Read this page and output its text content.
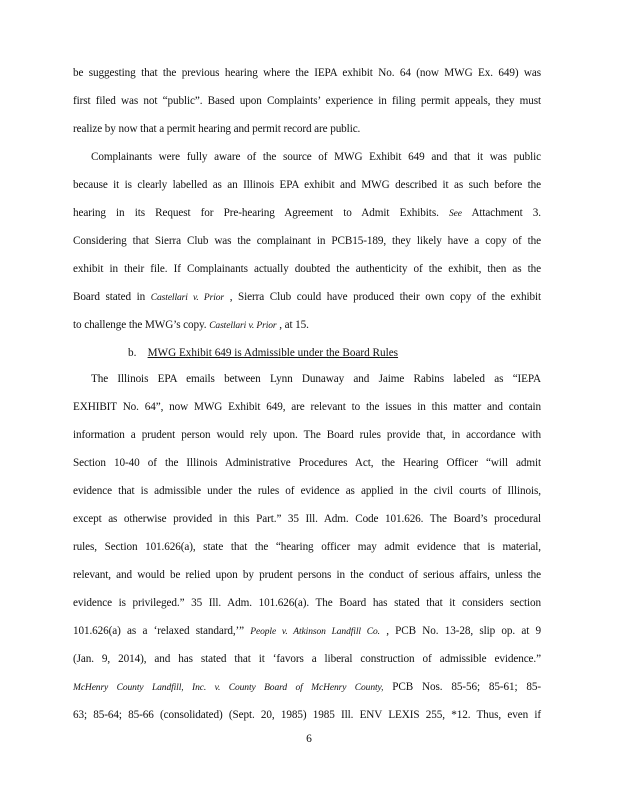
be suggesting that the previous hearing where the IEPA exhibit No. 64 (now MWG Ex. 649) was
first filed was not “public”. Based upon Complaints’ experience in filing permit appeals, they must
realize by now that a permit hearing and permit record are public.
Complainants were fully aware of the source of MWG Exhibit 649 and that it was public
because it is clearly labelled as an Illinois EPA exhibit and MWG described it as such before the
hearing in its Request for Pre-hearing Agreement to Admit Exhibits. See Attachment 3.
Considering that Sierra Club was the complainant in PCB15-189, they likely have a copy of the
exhibit in their file. If Complainants actually doubted the authenticity of the exhibit, then as the
Board stated in Castellari v. Prior , Sierra Club could have produced their own copy of the exhibit
to challenge the MWG’s copy. Castellari v. Prior , at 15.
b. MWG Exhibit 649 is Admissible under the Board Rules
The Illinois EPA emails between Lynn Dunaway and Jaime Rabins labeled as “IEPA
EXHIBIT No. 64”, now MWG Exhibit 649, are relevant to the issues in this matter and contain
information a prudent person would rely upon. The Board rules provide that, in accordance with
Section 10-40 of the Illinois Administrative Procedures Act, the Hearing Officer “will admit
evidence that is admissible under the rules of evidence as applied in the civil courts of Illinois,
except as otherwise provided in this Part.” 35 Ill. Adm. Code 101.626. The Board’s procedural
rules, Section 101.626(a), state that the “hearing officer may admit evidence that is material,
relevant, and would be relied upon by prudent persons in the conduct of serious affairs, unless the
evidence is privileged.” 35 Ill. Adm. 101.626(a). The Board has stated that it considers section
101.626(a) as a ‘relaxed standard,’” People v. Atkinson Landfill Co. , PCB No. 13-28, slip op. at 9
(Jan. 9, 2014), and has stated that it ‘favors a liberal construction of admissible evidence.”
McHenry County Landfill, Inc. v. County Board of McHenry County, PCB Nos. 85-56; 85-61; 85-
63; 85-64; 85-66 (consolidated) (Sept. 20, 1985) 1985 Ill. ENV LEXIS 255, *12. Thus, even if
6
